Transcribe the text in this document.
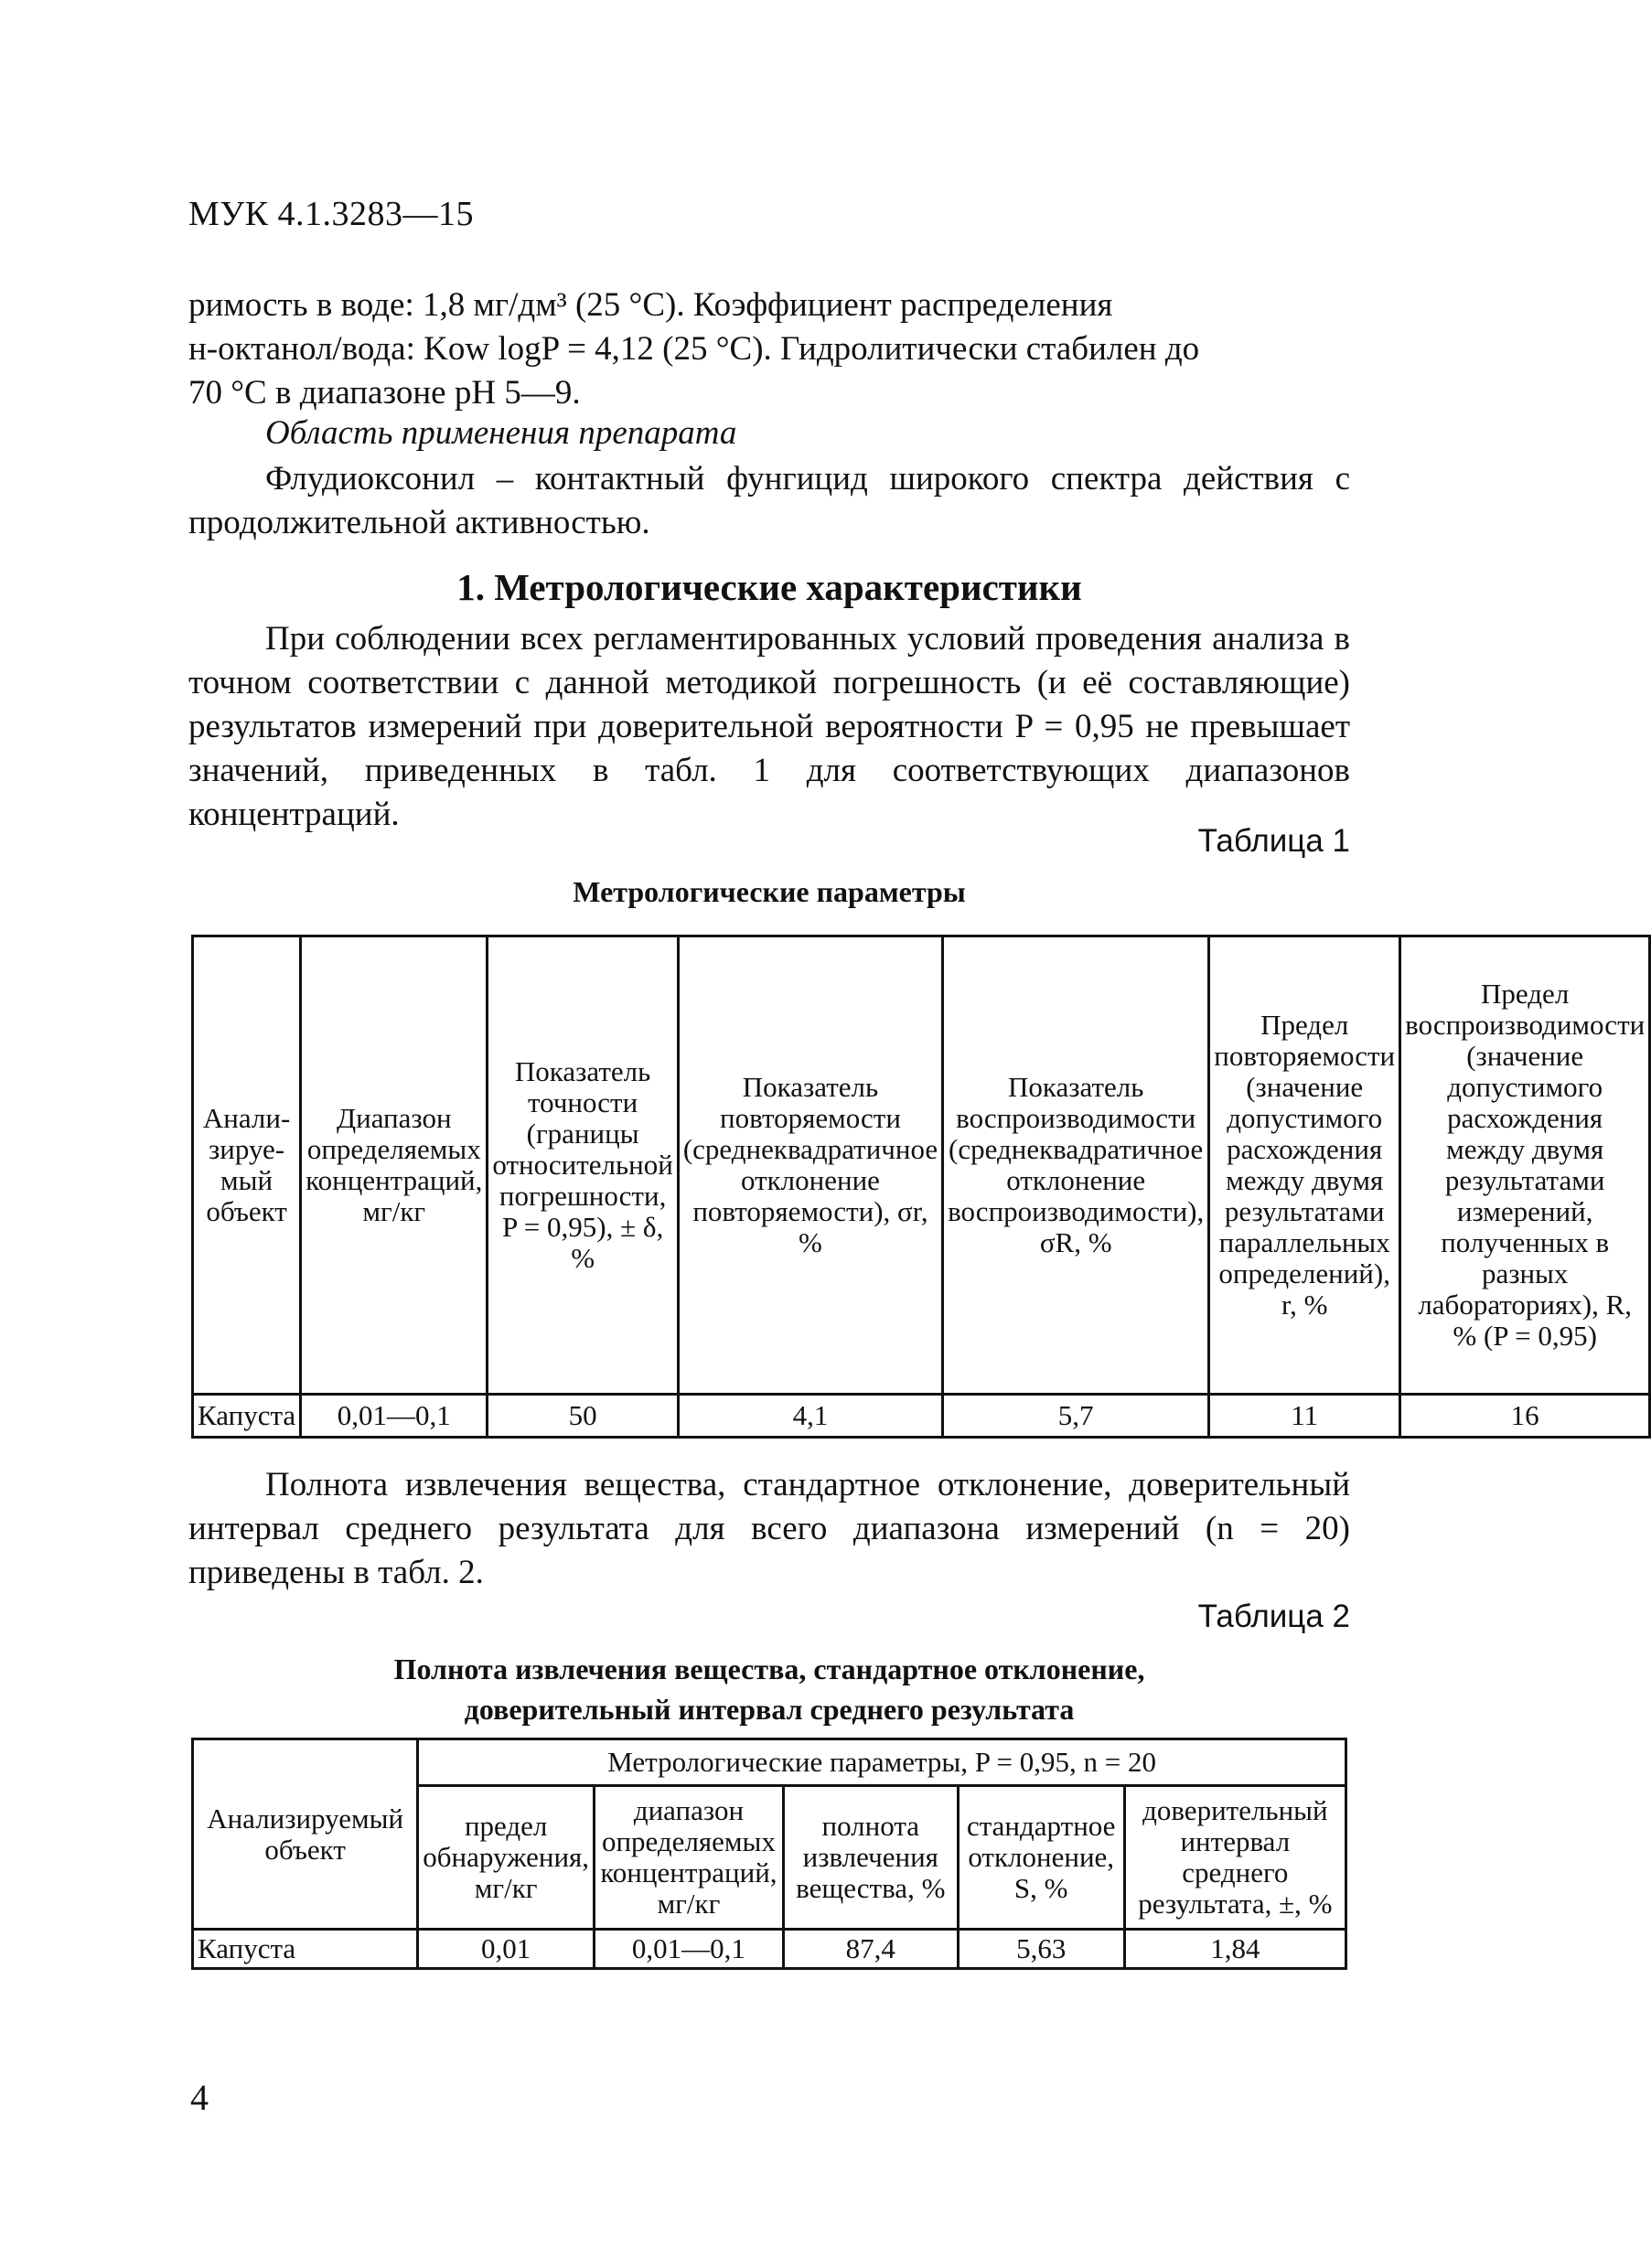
МУК 4.1.3283—15
римость в воде: 1,8 мг/дм³ (25 °C). Коэффициент распределения
н-октанол/вода: Kow logP = 4,12 (25 °C). Гидролитически стабилен до
70 °C в диапазоне pH 5—9.
Область применения препарата
Флудиоксонил – контактный фунгицид широкого спектра действия с продолжительной активностью.
1. Метрологические характеристики
При соблюдении всех регламентированных условий проведения анализа в точном соответствии с данной методикой погрешность (и её составляющие) результатов измерений при доверительной вероятности P = 0,95 не превышает значений, приведенных в табл. 1 для соответствующих диапазонов концентраций.
Таблица 1
Метрологические параметры
Анали-зируе-мый объект	Диапазон определяемых концентраций, мг/кг	Показатель точности (границы относительной погрешности, P = 0,95), ± δ, %	Показатель повторяемости (среднеквадратичное отклонение повторяемости), σr, %	Показатель воспроизводимости (среднеквадратичное отклонение воспроизводимости), σR, %	Предел повторяемости (значение допустимого расхождения между двумя результатами параллельных определений), r, %	Предел воспроизводимости (значение допустимого расхождения между двумя результатами измерений, полученных в разных лабораториях), R, % (P = 0,95)
Капуста	0,01—0,1	50	4,1	5,7	11	16
Полнота извлечения вещества, стандартное отклонение, доверительный интервал среднего результата для всего диапазона измерений (n = 20) приведены в табл. 2.
Таблица 2
Полнота извлечения вещества, стандартное отклонение,
доверительный интервал среднего результата
Анализируемый объект	Метрологические параметры, P = 0,95, n = 20				
	предел обнаружения, мг/кг	диапазон определяемых концентраций, мг/кг	полнота извлечения вещества, %	стандартное отклонение, S, %	доверительный интервал среднего результата, ±, %
Капуста	0,01	0,01—0,1	87,4	5,63	1,84
4
